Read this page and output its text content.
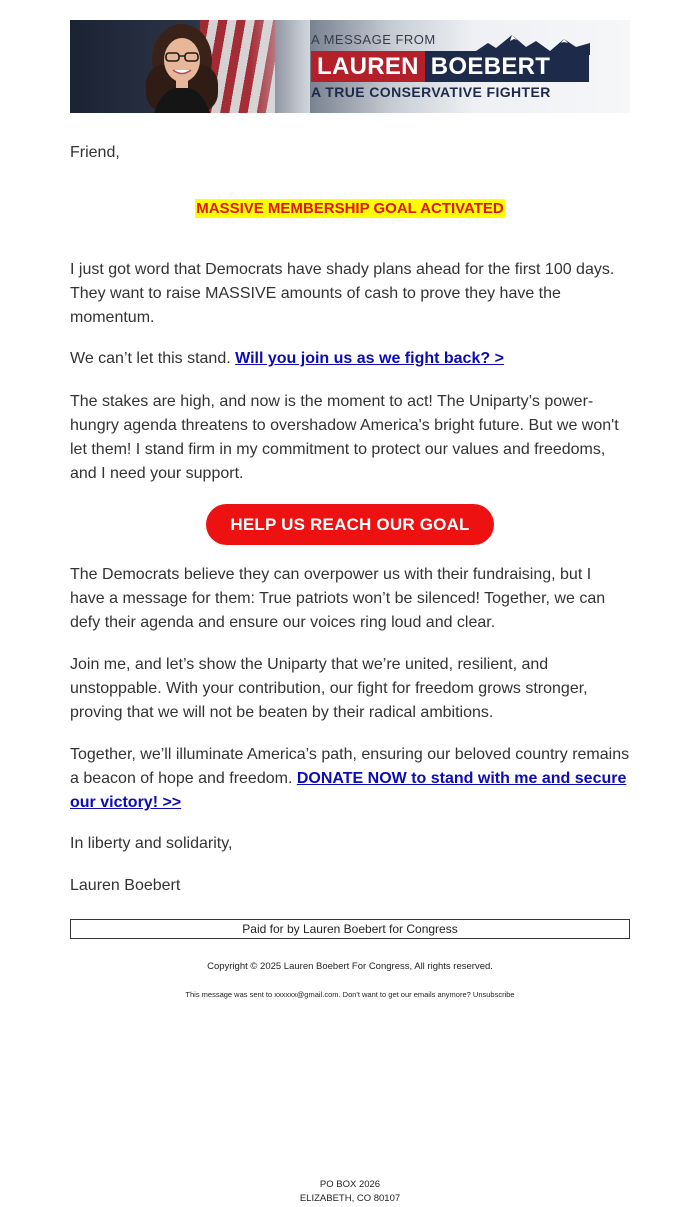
A MESSAGE FROM
LAUREN BOEBERT
A TRUE CONSERVATIVE FIGHTER

Friend,

MASSIVE MEMBERSHIP GOAL ACTIVATED

I just got word that Democrats have shady plans ahead for the first 100 days. They want to raise MASSIVE amounts of cash to prove they have the momentum.

We can’t let this stand. Will you join us as we fight back? >

The stakes are high, and now is the moment to act! The Uniparty’s power-hungry agenda threatens to overshadow America's bright future. But we won't let them! I stand firm in my commitment to protect our values and freedoms, and I need your support.

HELP US REACH OUR GOAL

The Democrats believe they can overpower us with their fundraising, but I have a message for them: True patriots won’t be silenced! Together, we can defy their agenda and ensure our voices ring loud and clear.

Join me, and let’s show the Uniparty that we’re united, resilient, and unstoppable. With your contribution, our fight for freedom grows stronger, proving that we will not be beaten by their radical ambitions.

Together, we’ll illuminate America’s path, ensuring our beloved country remains a beacon of hope and freedom. DONATE NOW to stand with me and secure our victory! >>

In liberty and solidarity,

Lauren Boebert

Paid for by Lauren Boebert for Congress
Copyright © 2025 Lauren Boebert For Congress, All rights reserved.
This message was sent to xxxxxx@gmail.com. Don't want to get our emails anymore? Unsubscribe
PO BOX 2026
ELIZABETH, CO 80107
